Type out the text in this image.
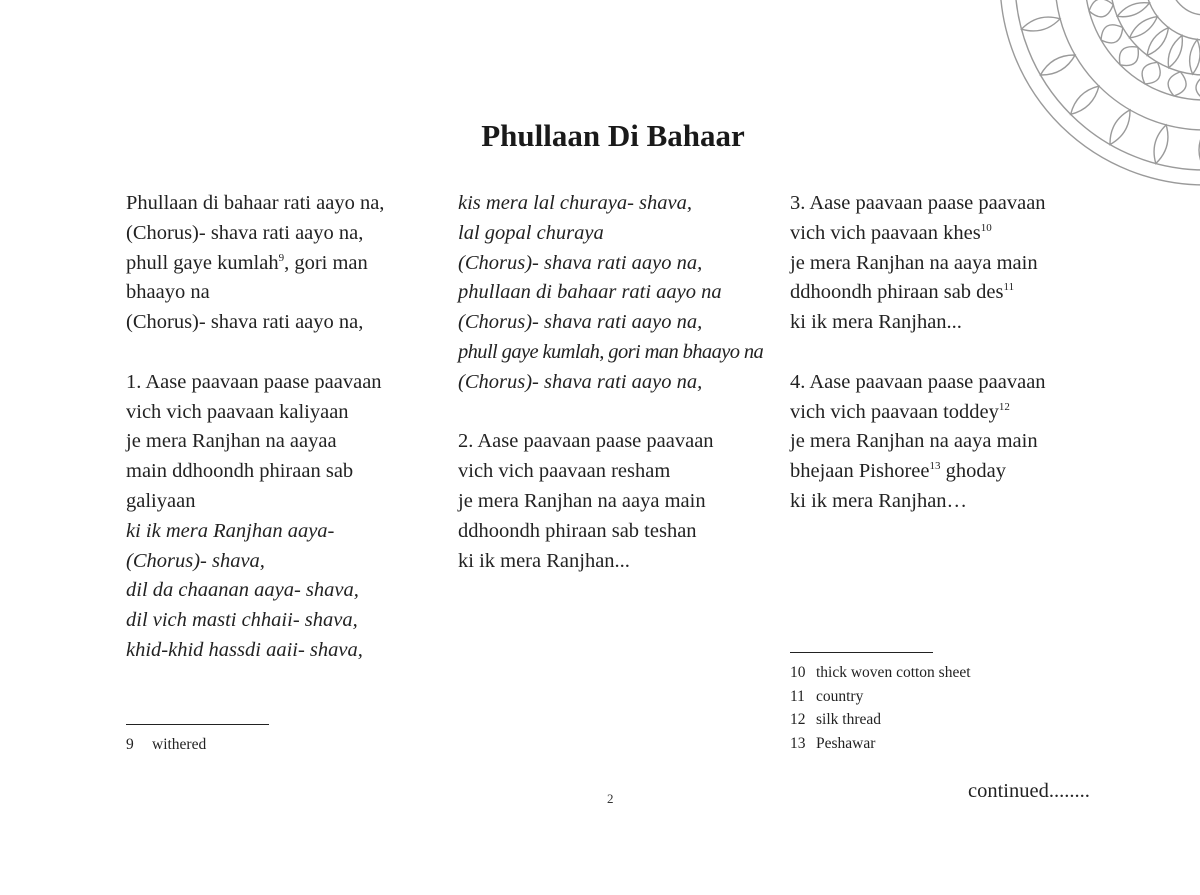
Phullaan Di Bahaar
Phullaan di bahaar rati aayo na,
(Chorus)- shava rati aayo na,
phull gaye kumlah$^9$, gori man
bhaayo na
(Chorus)- shava rati aayo na,
1. Aase paavaan paase paavaan
vich vich paavaan kaliyaan
je mera Ranjhan na aayaa
main ddhoondh phiraan sab
galiyaan
ki ik mera Ranjhan aaya-
(Chorus)- shava,
dil da chaanan aaya- shava,
dil vich masti chhaii- shava,
khid-khid hassdi aaii- shava,
kis mera lal churaya- shava,
lal gopal churaya
(Chorus)- shava rati aayo na,
phullaan di bahaar rati aayo na
(Chorus)- shava rati aayo na,
phull gaye kumlah, gori man bhaayo na
(Chorus)- shava rati aayo na,
2. Aase paavaan paase paavaan
vich vich paavaan resham
je mera Ranjhan na aaya main
ddhoondh phiraan sab teshan
ki ik mera Ranjhan...
3. Aase paavaan paase paavaan
vich vich paavaan khes$^{10}$
je mera Ranjhan na aaya main
ddhoondh phiraan sab des$^{11}$
ki ik mera Ranjhan...
4. Aase paavaan paase paavaan
vich vich paavaan toddey$^{12}$
je mera Ranjhan na aaya main
bhejaan Pishoree$^{13}$ ghoday
ki ik mera Ranjhan…
9 withered
10 thick woven cotton sheet
11 country
12 silk thread
13 Peshawar
2	continued........
